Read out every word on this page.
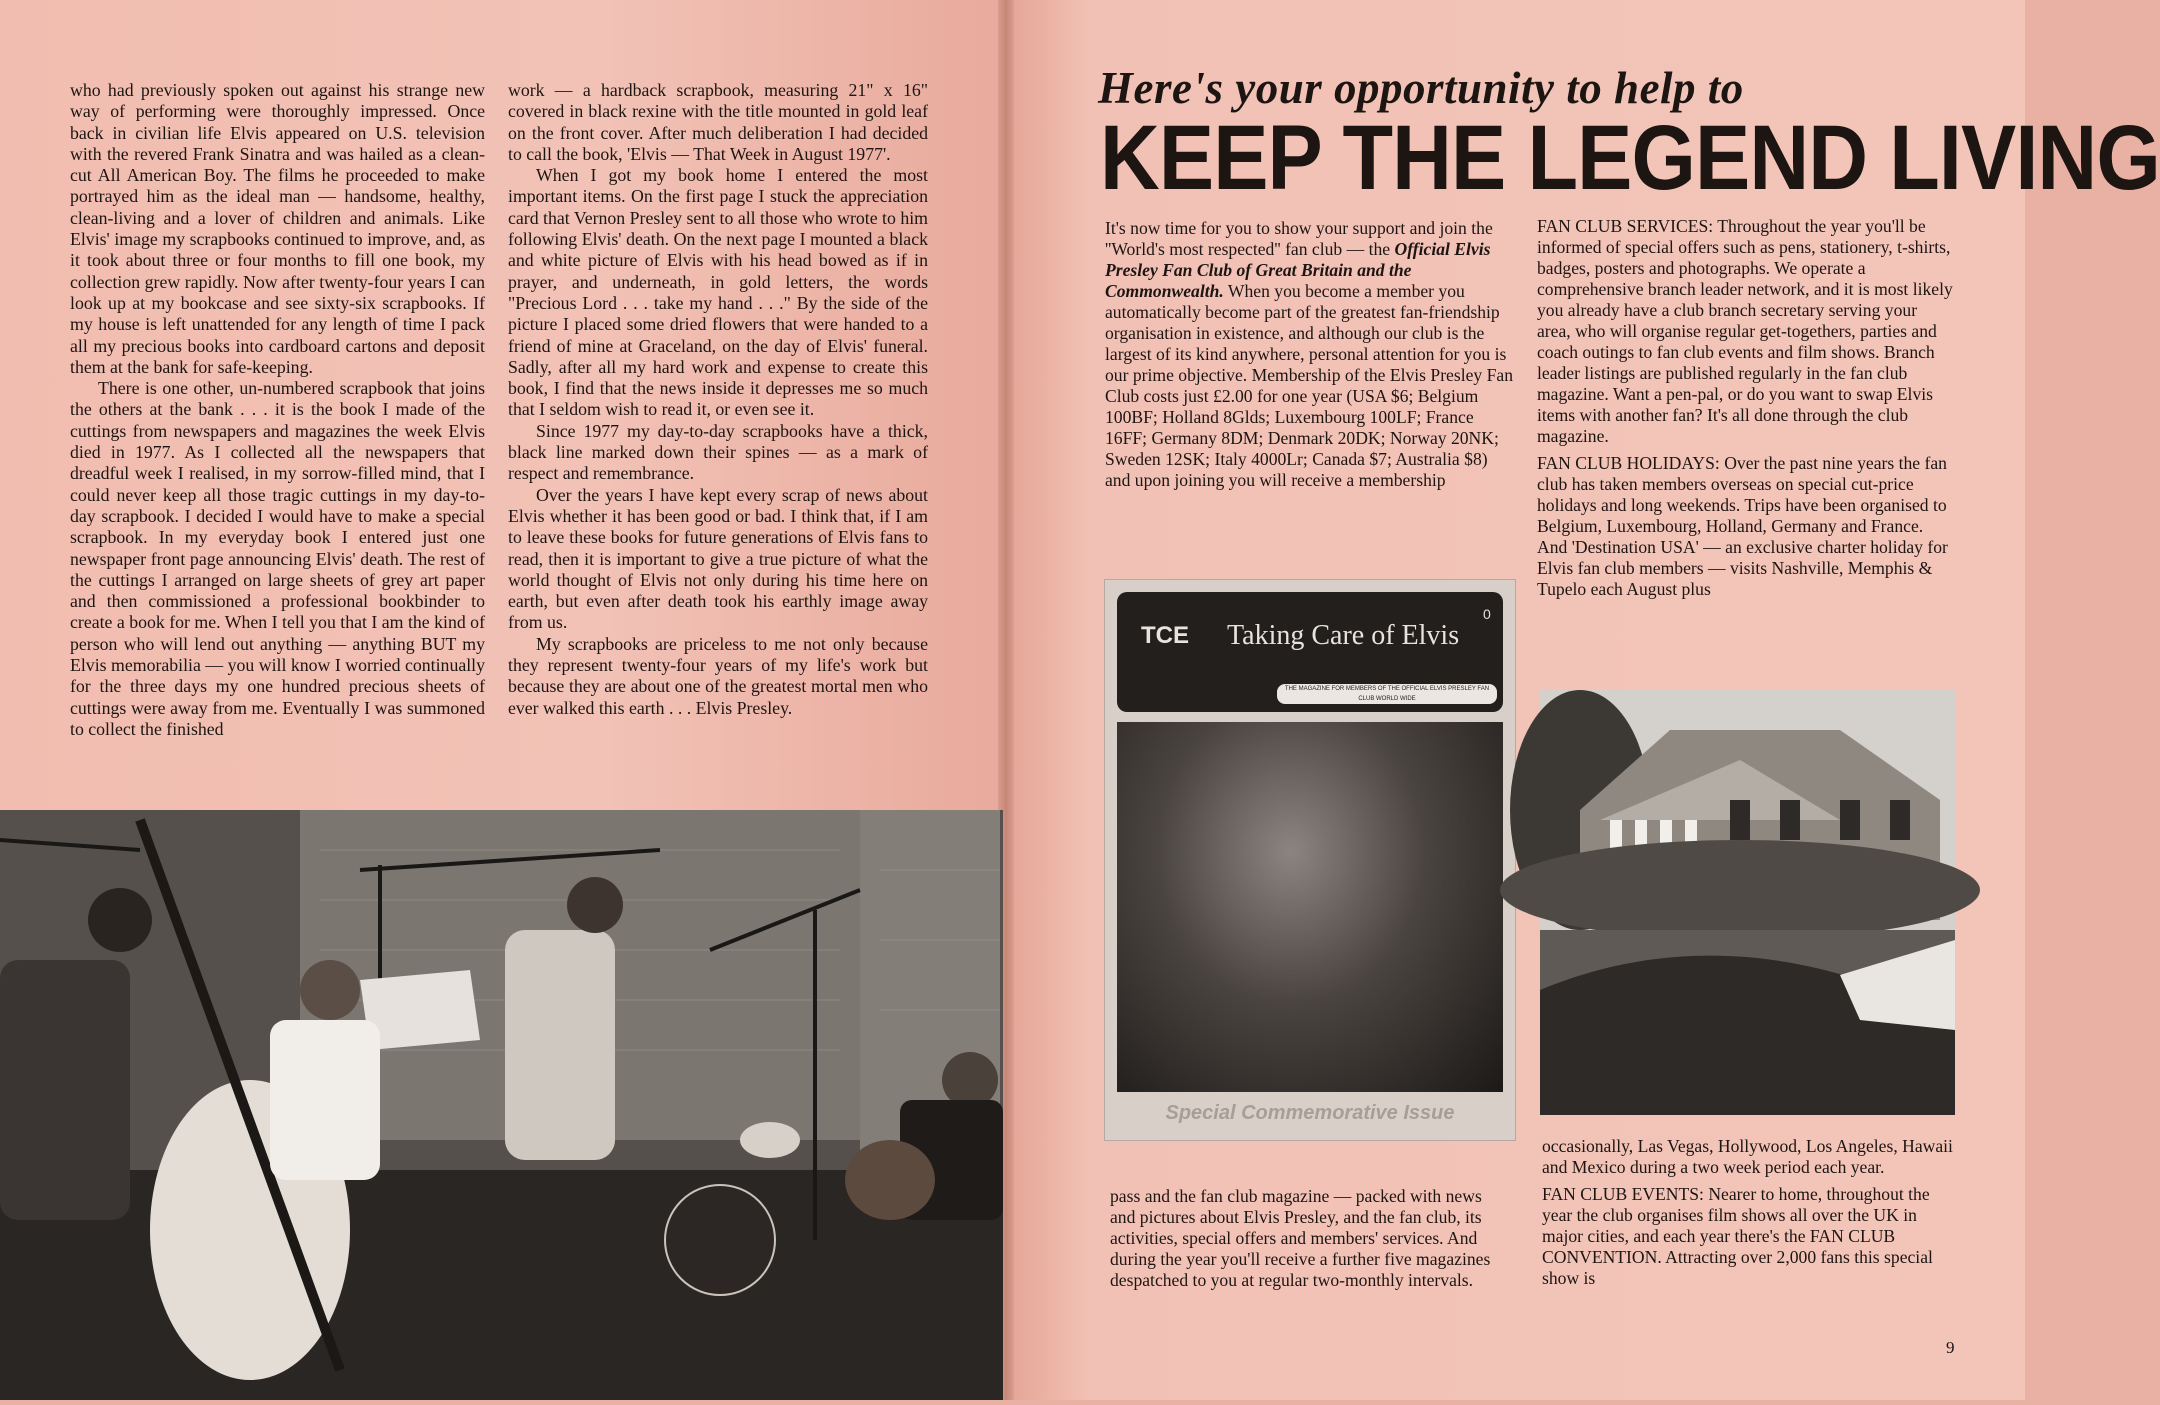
who had previously spoken out against his strange new way of performing were thoroughly impressed. Once back in civilian life Elvis appeared on U.S. television with the revered Frank Sinatra and was hailed as a clean-cut All American Boy. The films he proceeded to make portrayed him as the ideal man — handsome, healthy, clean-living and a lover of children and animals. Like Elvis' image my scrapbooks continued to improve, and, as it took about three or four months to fill one book, my collection grew rapidly. Now after twenty-four years I can look up at my bookcase and see sixty-six scrapbooks. If my house is left unattended for any length of time I pack all my precious books into cardboard cartons and deposit them at the bank for safe-keeping.

There is one other, un-numbered scrapbook that joins the others at the bank . . . it is the book I made of the cuttings from newspapers and magazines the week Elvis died in 1977. As I collected all the newspapers that dreadful week I realised, in my sorrow-filled mind, that I could never keep all those tragic cuttings in my day-to-day scrapbook. I decided I would have to make a special scrapbook. In my everyday book I entered just one newspaper front page announcing Elvis' death. The rest of the cuttings I arranged on large sheets of grey art paper and then commissioned a professional bookbinder to create a book for me. When I tell you that I am the kind of person who will lend out anything — anything BUT my Elvis memorabilia — you will know I worried continually for the three days my one hundred precious sheets of cuttings were away from me. Eventually I was summoned to collect the finished

work — a hardback scrapbook, measuring 21" x 16" covered in black rexine with the title mounted in gold leaf on the front cover. After much deliberation I had decided to call the book, 'Elvis — That Week in August 1977'.

When I got my book home I entered the most important items. On the first page I stuck the appreciation card that Vernon Presley sent to all those who wrote to him following Elvis' death. On the next page I mounted a black and white picture of Elvis with his head bowed as if in prayer, and underneath, in gold letters, the words "Precious Lord . . . take my hand . . ." By the side of the picture I placed some dried flowers that were handed to a friend of mine at Graceland, on the day of Elvis' funeral. Sadly, after all my hard work and expense to create this book, I find that the news inside it depresses me so much that I seldom wish to read it, or even see it.

Since 1977 my day-to-day scrapbooks have a thick, black line marked down their spines — as a mark of respect and remembrance.

Over the years I have kept every scrap of news about Elvis whether it has been good or bad. I think that, if I am to leave these books for future generations of Elvis fans to read, then it is important to give a true picture of what the world thought of Elvis not only during his time here on earth, but even after death took his earthly image away from us.

My scrapbooks are priceless to me not only because they represent twenty-four years of my life's work but because they are about one of the greatest mortal men who ever walked this earth . . . Elvis Presley.

Here's your opportunity to help to
KEEP THE LEGEND LIVING

It's now time for you to show your support and join the ''World's most respected'' fan club — the Official Elvis Presley Fan Club of Great Britain and the Commonwealth. When you become a member you automatically become part of the greatest fan-friendship organisation in existence, and although our club is the largest of its kind anywhere, personal attention for you is our prime objective. Membership of the Elvis Presley Fan Club costs just £2.00 for one year (USA $6; Belgium 100BF; Holland 8Glds; Luxembourg 100LF; France 16FF; Germany 8DM; Denmark 20DK; Norway 20NK; Sweden 12SK; Italy 4000Lr; Canada $7; Australia $8) and upon joining you will receive a membership

TCE Taking Care of Elvis
0
THE MAGAZINE FOR MEMBERS OF THE OFFICIAL ELVIS PRESLEY FAN CLUB WORLD WIDE
Special Commemorative Issue

pass and the fan club magazine — packed with news and pictures about Elvis Presley, and the fan club, its activities, special offers and members' services. And during the year you'll receive a further five magazines despatched to you at regular two-monthly intervals.

FAN CLUB SERVICES: Throughout the year you'll be informed of special offers such as pens, stationery, t-shirts, badges, posters and photographs. We operate a comprehensive branch leader network, and it is most likely you already have a club branch secretary serving your area, who will organise regular get-togethers, parties and coach outings to fan club events and film shows. Branch leader listings are published regularly in the fan club magazine. Want a pen-pal, or do you want to swap Elvis items with another fan? It's all done through the club magazine.

FAN CLUB HOLIDAYS: Over the past nine years the fan club has taken members overseas on special cut-price holidays and long weekends. Trips have been organised to Belgium, Luxembourg, Holland, Germany and France. And 'Destination USA' — an exclusive charter holiday for Elvis fan club members — visits Nashville, Memphis & Tupelo each August plus

occasionally, Las Vegas, Hollywood, Los Angeles, Hawaii and Mexico during a two week period each year.

FAN CLUB EVENTS: Nearer to home, throughout the year the club organises film shows all over the UK in major cities, and each year there's the FAN CLUB CONVENTION. Attracting over 2,000 fans this special show is

9
